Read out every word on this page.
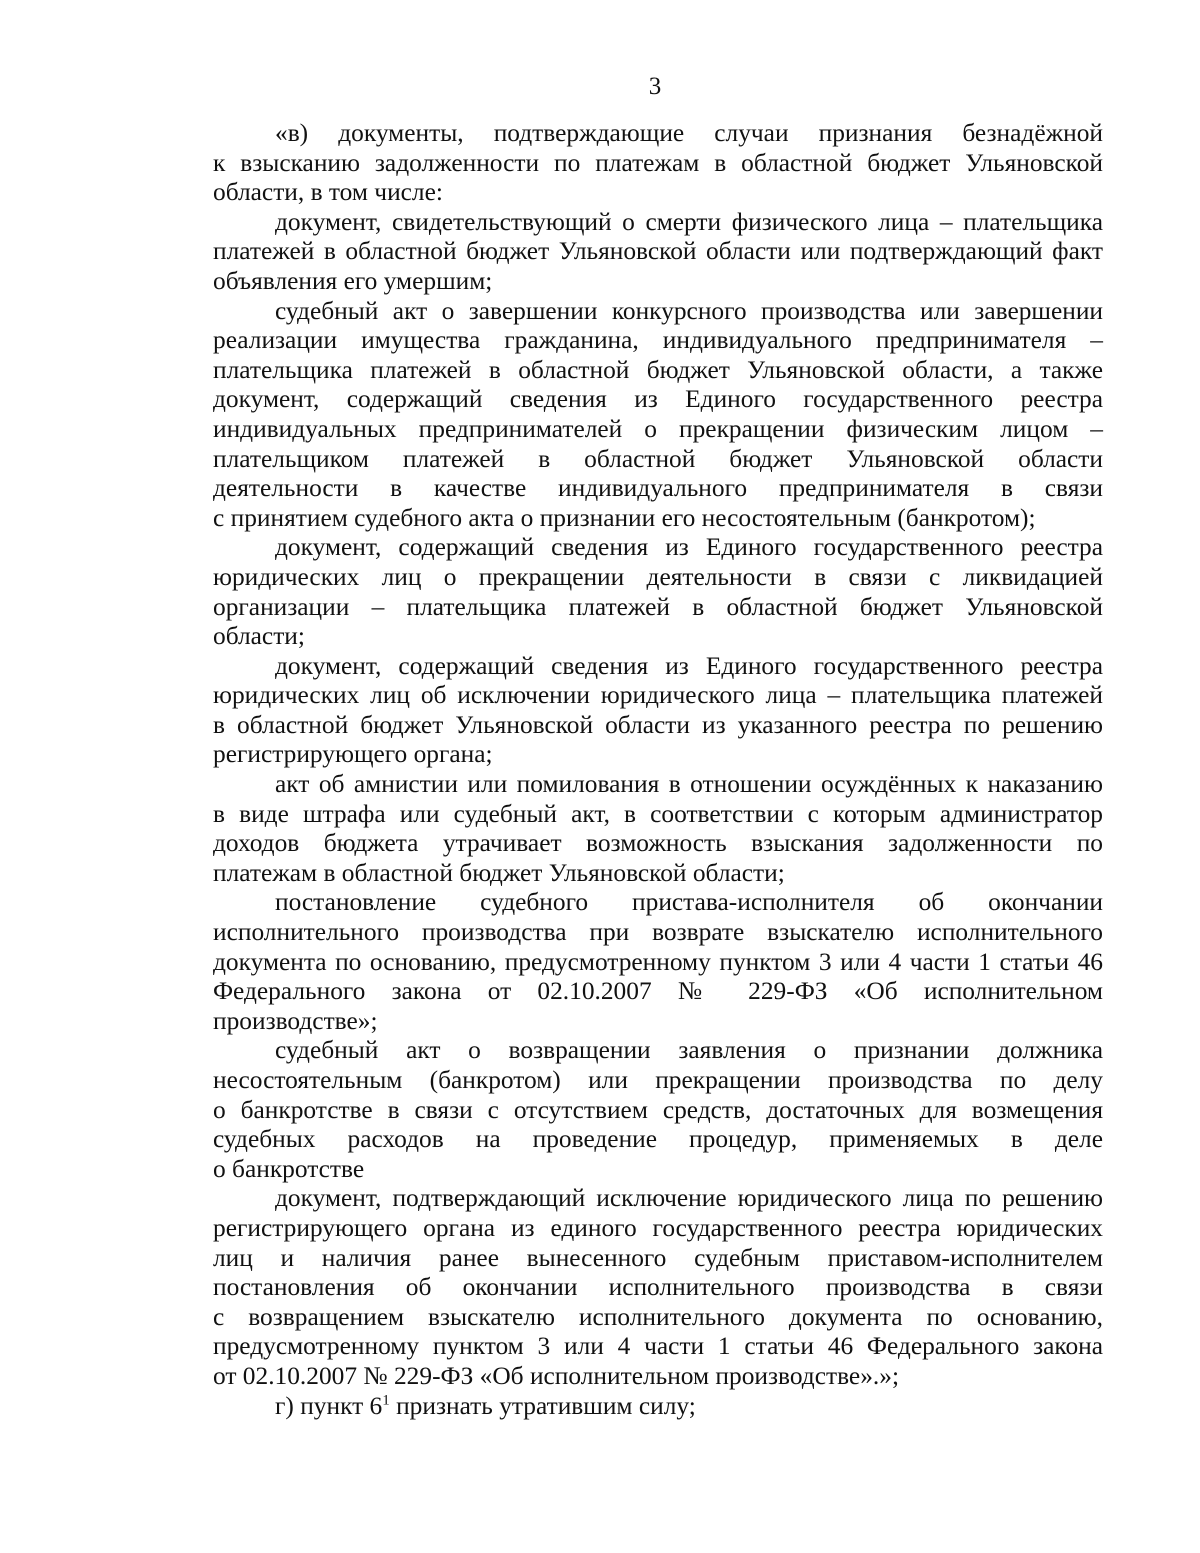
3
«в) документы, подтверждающие случаи признания безнадёжной
к взысканию задолженности по платежам в областной бюджет Ульяновской
области, в том числе:
документ, свидетельствующий о смерти физического лица – плательщика
платежей в областной бюджет Ульяновской области или подтверждающий факт
объявления его умершим;
судебный акт о завершении конкурсного производства или завершении
реализации имущества гражданина, индивидуального предпринимателя –
плательщика платежей в областной бюджет Ульяновской области, а также
документ, содержащий сведения из Единого государственного реестра
индивидуальных предпринимателей о прекращении физическим лицом –
плательщиком платежей в областной бюджет Ульяновской области
деятельности в качестве индивидуального предпринимателя в связи
с принятием судебного акта о признании его несостоятельным (банкротом);
документ, содержащий сведения из Единого государственного реестра
юридических лиц о прекращении деятельности в связи с ликвидацией
организации – плательщика платежей в областной бюджет Ульяновской
области;
документ, содержащий сведения из Единого государственного реестра
юридических лиц об исключении юридического лица – плательщика платежей
в областной бюджет Ульяновской области из указанного реестра по решению
регистрирующего органа;
акт об амнистии или помилования в отношении осуждённых к наказанию
в виде штрафа или судебный акт, в соответствии с которым администратор
доходов бюджета утрачивает возможность взыскания задолженности по
платежам в областной бюджет Ульяновской области;
постановление судебного пристава-исполнителя об окончании
исполнительного производства при возврате взыскателю исполнительного
документа по основанию, предусмотренному пунктом 3 или 4 части 1 статьи 46
Федерального закона от 02.10.2007 № 229-ФЗ «Об исполнительном
производстве»;
судебный акт о возвращении заявления о признании должника
несостоятельным (банкротом) или прекращении производства по делу
о банкротстве в связи с отсутствием средств, достаточных для возмещения
судебных расходов на проведение процедур, применяемых в деле
о банкротстве
документ, подтверждающий исключение юридического лица по решению
регистрирующего органа из единого государственного реестра юридических
лиц и наличия ранее вынесенного судебным приставом-исполнителем
постановления об окончании исполнительного производства в связи
с возвращением взыскателю исполнительного документа по основанию,
предусмотренному пунктом 3 или 4 части 1 статьи 46 Федерального закона
от 02.10.2007 № 229-ФЗ «Об исполнительном производстве».»;
г) пункт $6^1$ признать утратившим силу;
